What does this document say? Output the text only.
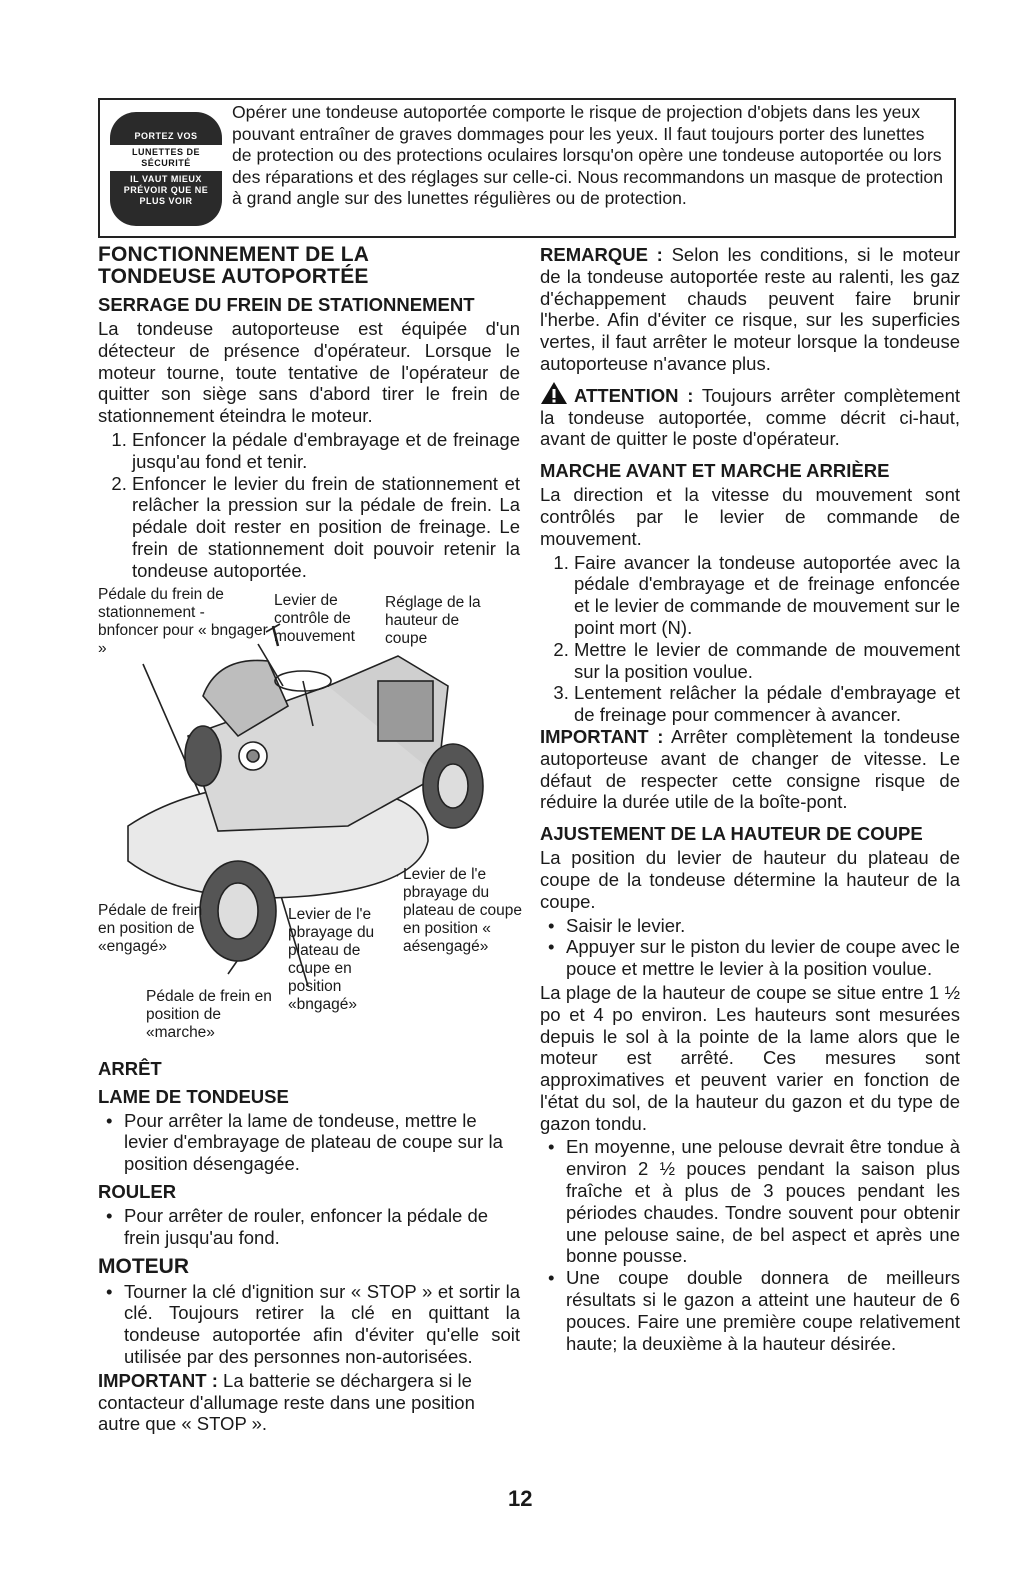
PORTEZ VOS
LUNETTES DE SÉCURITÉ
IL VAUT MIEUX
PRÉVOIR QUE NE
PLUS VOIR
Opérer une tondeuse autoportée comporte le risque de projection d'objets dans les yeux pouvant entraîner de graves dommages pour les yeux. Il faut toujours porter des lunettes de protection ou des protections oculaires lorsqu'on opère une tondeuse autoportée ou lors des réparations et des réglages sur celle-ci. Nous recommandons un masque de protection à grand angle sur des lunettes régulières ou de protection.
FONCTIONNEMENT DE LA
TONDEUSE AUTOPORTÉE
SERRAGE DU FREIN DE STATIONNEMENT

La tondeuse autoporteuse est équipée d'un détecteur de présence d'opérateur. Lorsque le moteur tourne, toute tentative de l'opérateur de quitter son siège sans d'abord tirer le frein de stationnement éteindra le moteur.

1. Enfoncer la pédale d'embrayage et de freinage jusqu'au fond et tenir.
2. Enfoncer le levier du frein de stationnement et relâcher la pression sur la pédale de frein. La pédale doit rester en position de freinage. Le frein de stationnement doit pouvoir retenir la tondeuse autoportée.
Pédale du frein de stationnement - bnfoncer pour « bngager »
Levier de contrôle de mouvement
Réglage de la hauteur de coupe
Levier de l'e pbrayage du plateau de coupe en position « aésengagé»
Pédale de frein en position de «engagé»
Levier de l'e pbrayage du plateau de coupe en position «bngagé»
Pédale de frein en position de «marche»
ARRÊT
LAME DE TONDEUSE
• Pour arrêter la lame de tondeuse, mettre le levier d'embrayage de plateau de coupe sur la position désengagée.
ROULER
• Pour arrêter de rouler, enfoncer la pédale de frein jusqu'au fond.
MOTEUR
• Tourner la clé d'ignition sur « STOP » et sortir la clé. Toujours retirer la clé en quittant la tondeuse autoportée afin d'éviter qu'elle soit utilisée par des personnes non-autorisées.

IMPORTANT : La batterie se déchargera si le contacteur d'allumage reste dans une position autre que « STOP ».

REMARQUE : Selon les conditions, si le moteur de la tondeuse autoportée reste au ralenti, les gaz d'échappement chauds peuvent faire brunir l'herbe. Afin d'éviter ce risque, sur les superficies vertes, il faut arrêter le moteur lorsque la tondeuse autoporteuse n'avance plus.

ATTENTION : Toujours arrêter complètement la tondeuse autoportée, comme décrit ci-haut, avant de quitter le poste d'opérateur.

MARCHE AVANT ET MARCHE ARRIÈRE

La direction et la vitesse du mouvement sont contrôlés par le levier de commande de mouvement.

1. Faire avancer la tondeuse autoportée avec la pédale d'embrayage et de freinage enfoncée et le levier de commande de mouvement sur le point mort (N).
2. Mettre le levier de commande de mouvement sur la position voulue.
3. Lentement relâcher la pédale d'embrayage et de freinage pour commencer à avancer.

IMPORTANT : Arrêter complètement la tondeuse autoporteuse avant de changer de vitesse. Le défaut de respecter cette consigne risque de réduire la durée utile de la boîte-pont.

AJUSTEMENT DE LA HAUTEUR DE COUPE

La position du levier de hauteur du plateau de coupe de la tondeuse détermine la hauteur de la coupe.

• Saisir le levier.
• Appuyer sur le piston du levier de coupe avec le pouce et mettre le levier à la position voulue.

La plage de la hauteur de coupe se situe entre 1 ½ po et 4 po environ. Les hauteurs sont mesurées depuis le sol à la pointe de la lame alors que le moteur est arrêté. Ces mesures sont approximatives et peuvent varier en fonction de l'état du sol, de la hauteur du gazon et du type de gazon tondu.

• En moyenne, une pelouse devrait être tondue à environ 2 ½ pouces pendant la saison plus fraîche et à plus de 3 pouces pendant les périodes chaudes. Tondre souvent pour obtenir une pelouse saine, de bel aspect et après une bonne pousse.
• Une coupe double donnera de meilleurs résultats si le gazon a atteint une hauteur de 6 pouces. Faire une première coupe relativement haute; la deuxième à la hauteur désirée.
12
